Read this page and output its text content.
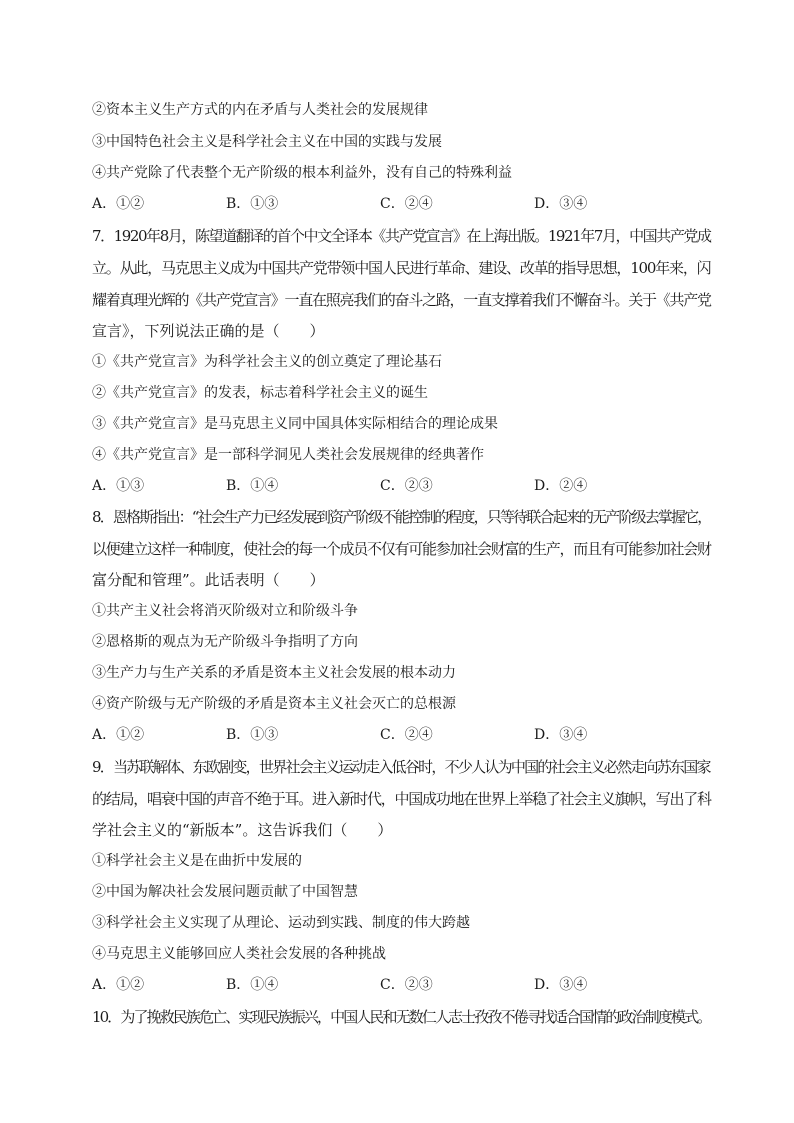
②资本主义生产方式的内在矛盾与人类社会的发展规律
③中国特色社会主义是科学社会主义在中国的实践与发展
④共产党除了代表整个无产阶级的根本利益外，没有自己的特殊利益
A．①②	B．①③	C．②④	D．③④
7．1920年8月，陈望道翻译的首个中文全译本《共产党宣言》在上海出版。1921年7月，中国共产党成
立。从此，马克思主义成为中国共产党带领中国人民进行革命、建设、改革的指导思想，100年来，闪
耀着真理光辉的《共产党宣言》一直在照亮我们的奋斗之路，一直支撑着我们不懈奋斗。关于《共产党
宣言》，下列说法正确的是（　　）
①《共产党宣言》为科学社会主义的创立奠定了理论基石
②《共产党宣言》的发表，标志着科学社会主义的诞生
③《共产党宣言》是马克思主义同中国具体实际相结合的理论成果
④《共产党宣言》是一部科学洞见人类社会发展规律的经典著作
A．①③	B．①④	C．②③	D．②④
8．恩格斯指出：“社会生产力已经发展到资产阶级不能控制的程度，只等待联合起来的无产阶级去掌握它，
以便建立这样一种制度，使社会的每一个成员不仅有可能参加社会财富的生产，而且有可能参加社会财
富分配和管理”。此话表明（　　）
①共产主义社会将消灭阶级对立和阶级斗争
②恩格斯的观点为无产阶级斗争指明了方向
③生产力与生产关系的矛盾是资本主义社会发展的根本动力
④资产阶级与无产阶级的矛盾是资本主义社会灭亡的总根源
A．①②	B．①③	C．②④	D．③④
9．当苏联解体、东欧剧变，世界社会主义运动走入低谷时，不少人认为中国的社会主义必然走向苏东国家
的结局，唱衰中国的声音不绝于耳。进入新时代，中国成功地在世界上举稳了社会主义旗帜，写出了科
学社会主义的“新版本”。这告诉我们（　　）
①科学社会主义是在曲折中发展的
②中国为解决社会发展问题贡献了中国智慧
③科学社会主义实现了从理论、运动到实践、制度的伟大跨越
④马克思主义能够回应人类社会发展的各种挑战
A．①②	B．①④	C．②③	D．③④
10．为了挽救民族危亡、实现民族振兴，中国人民和无数仁人志士孜孜不倦寻找适合国情的政治制度模式。
